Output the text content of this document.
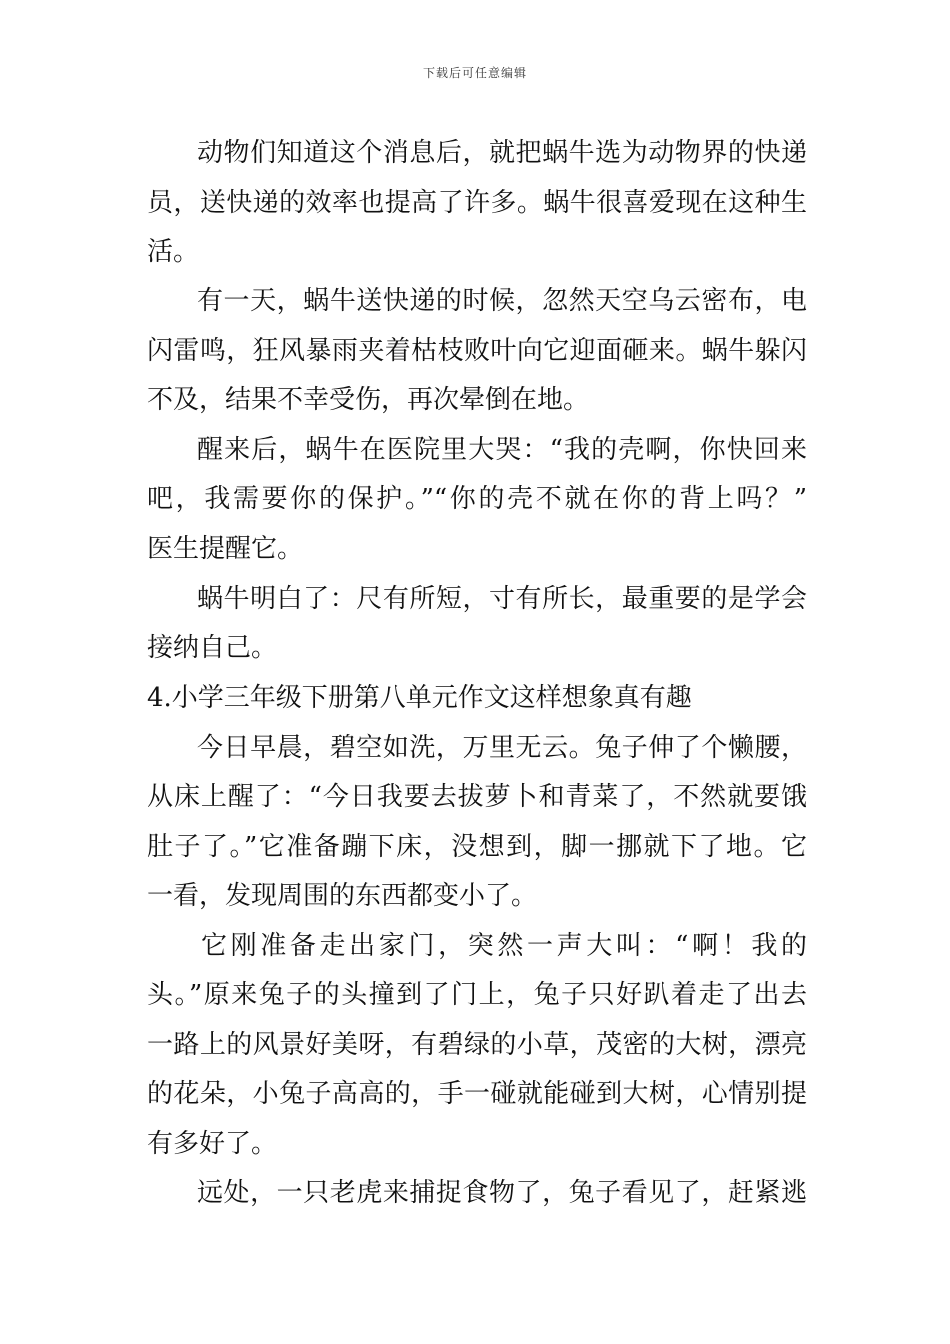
下载后可任意编辑
动物们知道这个消息后，就把蜗牛选为动物界的快递
员，送快递的效率也提高了许多。蜗牛很喜爱现在这种生
活。
有一天，蜗牛送快递的时候，忽然天空乌云密布，电
闪雷鸣，狂风暴雨夹着枯枝败叶向它迎面砸来。蜗牛躲闪
不及，结果不幸受伤，再次晕倒在地。
醒来后，蜗牛在医院里大哭：“我的壳啊，你快回来
吧，我需要你的保护。”“你的壳不就在你的背上吗？”
医生提醒它。
蜗牛明白了：尺有所短，寸有所长，最重要的是学会
接纳自己。
4.小学三年级下册第八单元作文这样想象真有趣
今日早晨，碧空如洗，万里无云。兔子伸了个懒腰，
从床上醒了：“今日我要去拔萝卜和青菜了，不然就要饿
肚子了。”它准备蹦下床，没想到，脚一挪就下了地。它
一看，发现周围的东西都变小了。
它刚准备走出家门，突然一声大叫：“啊！我的
头。”原来兔子的头撞到了门上，兔子只好趴着走了出去
一路上的风景好美呀，有碧绿的小草，茂密的大树，漂亮
的花朵，小兔子高高的，手一碰就能碰到大树，心情别提
有多好了。
远处，一只老虎来捕捉食物了，兔子看见了，赶紧逃
